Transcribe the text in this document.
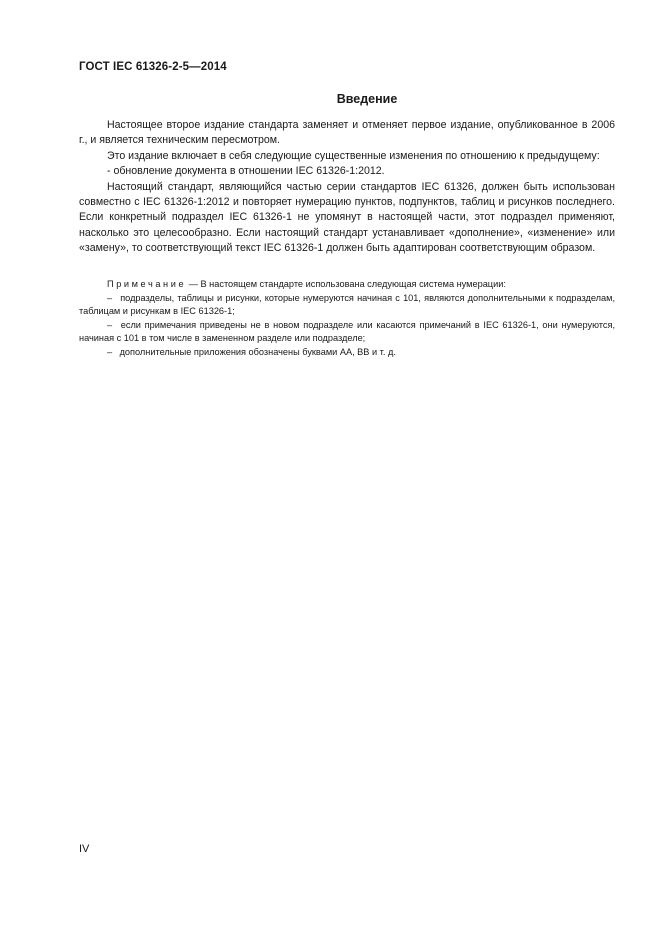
ГОСТ IEC 61326-2-5—2014
Введение

Настоящее второе издание стандарта заменяет и отменяет первое издание, опубликованное в 2006 г., и является техническим пересмотром.

Это издание включает в себя следующие существенные изменения по отношению к предыдущему:

- обновление документа в отношении IEC 61326-1:2012.

Настоящий стандарт, являющийся частью серии стандартов IEC 61326, должен быть использован совместно с IEC 61326-1:2012 и повторяет нумерацию пунктов, подпунктов, таблиц и рисунков последнего. Если конкретный подраздел IEC 61326-1 не упомянут в настоящей части, этот подраздел применяют, насколько это целесообразно. Если настоящий стандарт устанавливает «дополнение», «изменение» или «замену», то соответствующий текст IEC 61326-1 должен быть адаптирован соответствующим образом.

Примечание — В настоящем стандарте использована следующая система нумерации:

– подразделы, таблицы и рисунки, которые нумеруются начиная с 101, являются дополнительными к подразделам, таблицам и рисункам в IEC 61326-1;

– если примечания приведены не в новом подразделе или касаются примечаний в IEC 61326-1, они нумеруются, начиная с 101 в том числе в замененном разделе или подразделе;

– дополнительные приложения обозначены буквами АА, ВВ и т. д.

IV
